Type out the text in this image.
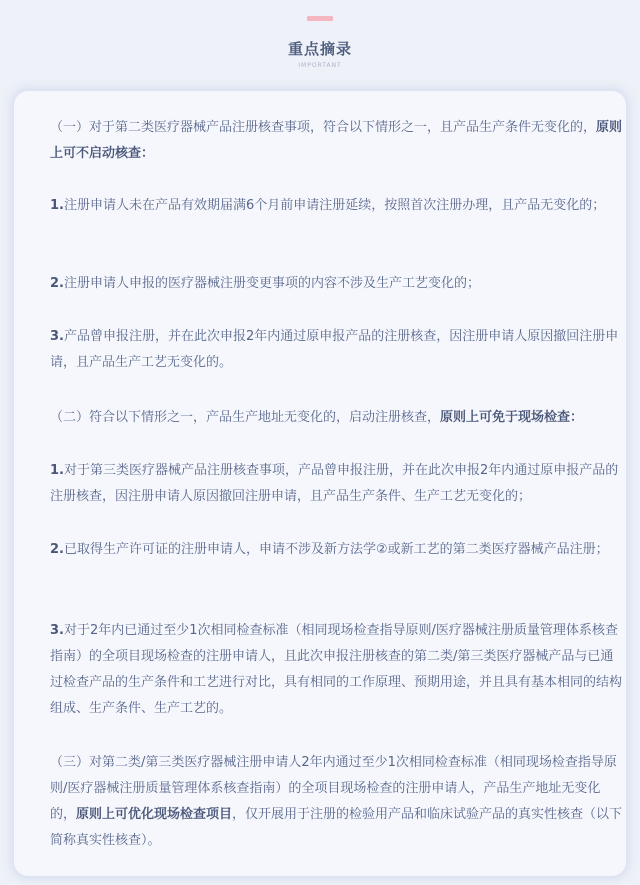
重点摘录
IMPORTANT

（一）对于第二类医疗器械产品注册核查事项，符合以下情形之一，且产品生产条件无变化的，原则上可不启动核查：

1.注册申请人未在产品有效期届满6个月前申请注册延续，按照首次注册办理，且产品无变化的；

2.注册申请人申报的医疗器械注册变更事项的内容不涉及生产工艺变化的；

3.产品曾申报注册，并在此次申报2年内通过原申报产品的注册核查，因注册申请人原因撤回注册申请，且产品生产工艺无变化的。

（二）符合以下情形之一，产品生产地址无变化的，启动注册核查，原则上可免于现场检查：

1.对于第三类医疗器械产品注册核查事项，产品曾申报注册，并在此次申报2年内通过原申报产品的注册核查，因注册申请人原因撤回注册申请，且产品生产条件、生产工艺无变化的；

2.已取得生产许可证的注册申请人，申请不涉及新方法学②或新工艺的第二类医疗器械产品注册；

3.对于2年内已通过至少1次相同检查标准（相同现场检查指导原则/医疗器械注册质量管理体系核查指南）的全项目现场检查的注册申请人，且此次申报注册核查的第二类/第三类医疗器械产品与已通过检查产品的生产条件和工艺进行对比，具有相同的工作原理、预期用途，并且具有基本相同的结构组成、生产条件、生产工艺的。

（三）对第二类/第三类医疗器械注册申请人2年内通过至少1次相同检查标准（相同现场检查指导原则/医疗器械注册质量管理体系核查指南）的全项目现场检查的注册申请人，产品生产地址无变化的，原则上可优化现场检查项目，仅开展用于注册的检验用产品和临床试验产品的真实性核查（以下简称真实性核查）。
